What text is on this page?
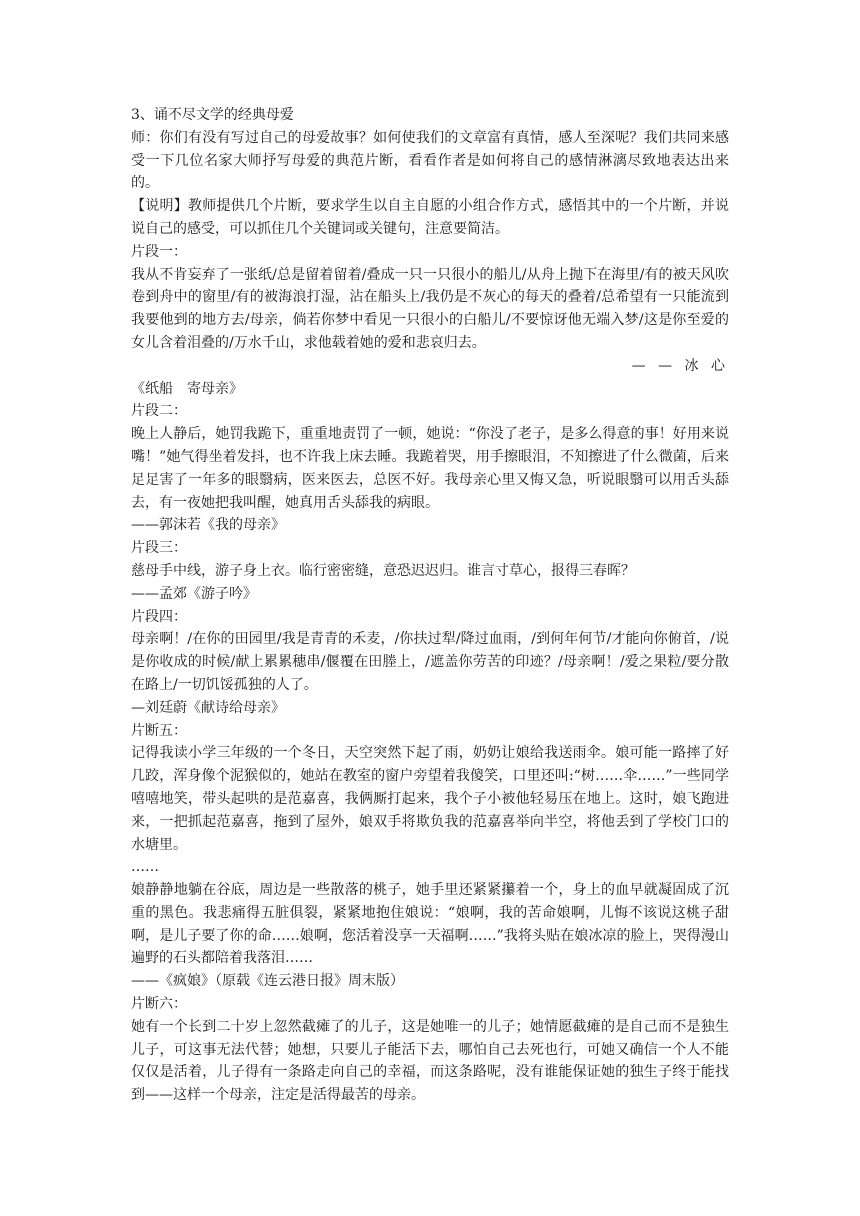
3、诵不尽文学的经典母爱

师：你们有没有写过自己的母爱故事？如何使我们的文章富有真情，感人至深呢？我们共同来感受一下几位名家大师抒写母爱的典范片断，看看作者是如何将自己的感情淋漓尽致地表达出来的。

【说明】教师提供几个片断，要求学生以自主自愿的小组合作方式，感悟其中的一个片断，并说说自己的感受，可以抓住几个关键词或关键句，注意要简洁。

片段一：

我从不肯妄弃了一张纸/总是留着留着/叠成一只一只很小的船儿/从舟上抛下在海里/有的被天风吹卷到舟中的窗里/有的被海浪打湿，沾在船头上/我仍是不灰心的每天的叠着/总希望有一只能流到我要他到的地方去/母亲，倘若你梦中看见一只很小的白船儿/不要惊讶他无端入梦/这是你至爱的女儿含着泪叠的/万水千山，求他载着她的爱和悲哀归去。

— — 冰 心

《纸船　寄母亲》

片段二：

晚上人静后，她罚我跪下，重重地责罚了一顿，她说：“你没了老子，是多么得意的事！好用来说嘴！”她气得坐着发抖，也不许我上床去睡。我跪着哭，用手擦眼泪，不知擦进了什么微菌，后来足足害了一年多的眼翳病，医来医去，总医不好。我母亲心里又悔又急，听说眼翳可以用舌头舔去，有一夜她把我叫醒，她真用舌头舔我的病眼。

——郭沫若《我的母亲》

片段三：

慈母手中线，游子身上衣。临行密密缝，意恐迟迟归。谁言寸草心，报得三春晖？

——孟郊《游子吟》

片段四：

母亲啊！/在你的田园里/我是青青的禾麦，/你扶过犁/降过血雨，/到何年何节/才能向你俯首，/说是你收成的时候/献上累累穗串/偃覆在田塍上，/遮盖你劳苦的印迹？/母亲啊！/爱之果粒/要分散在路上/一切饥馁孤独的人了。

—刘廷蔚《献诗给母亲》

片断五：

记得我读小学三年级的一个冬日，天空突然下起了雨，奶奶让娘给我送雨伞。娘可能一路摔了好几跤，浑身像个泥猴似的，她站在教室的窗户旁望着我傻笑，口里还叫:“树……伞……”一些同学嘻嘻地笑，带头起哄的是范嘉喜，我俩厮打起来，我个子小被他轻易压在地上。这时，娘飞跑进来，一把抓起范嘉喜，拖到了屋外，娘双手将欺负我的范嘉喜举向半空，将他丢到了学校门口的水塘里。

……

娘静静地躺在谷底，周边是一些散落的桃子，她手里还紧紧攥着一个，身上的血早就凝固成了沉重的黑色。我悲痛得五脏俱裂，紧紧地抱住娘说：“娘啊，我的苦命娘啊，儿悔不该说这桃子甜啊，是儿子要了你的命……娘啊，您活着没享一天福啊……”我将头贴在娘冰凉的脸上，哭得漫山遍野的石头都陪着我落泪……

——《疯娘》（原载《连云港日报》周末版）

片断六：

她有一个长到二十岁上忽然截瘫了的儿子，这是她唯一的儿子；她情愿截瘫的是自己而不是独生儿子，可这事无法代替；她想，只要儿子能活下去，哪怕自己去死也行，可她又确信一个人不能仅仅是活着，儿子得有一条路走向自己的幸福，而这条路呢，没有谁能保证她的独生子终于能找到——这样一个母亲，注定是活得最苦的母亲。
